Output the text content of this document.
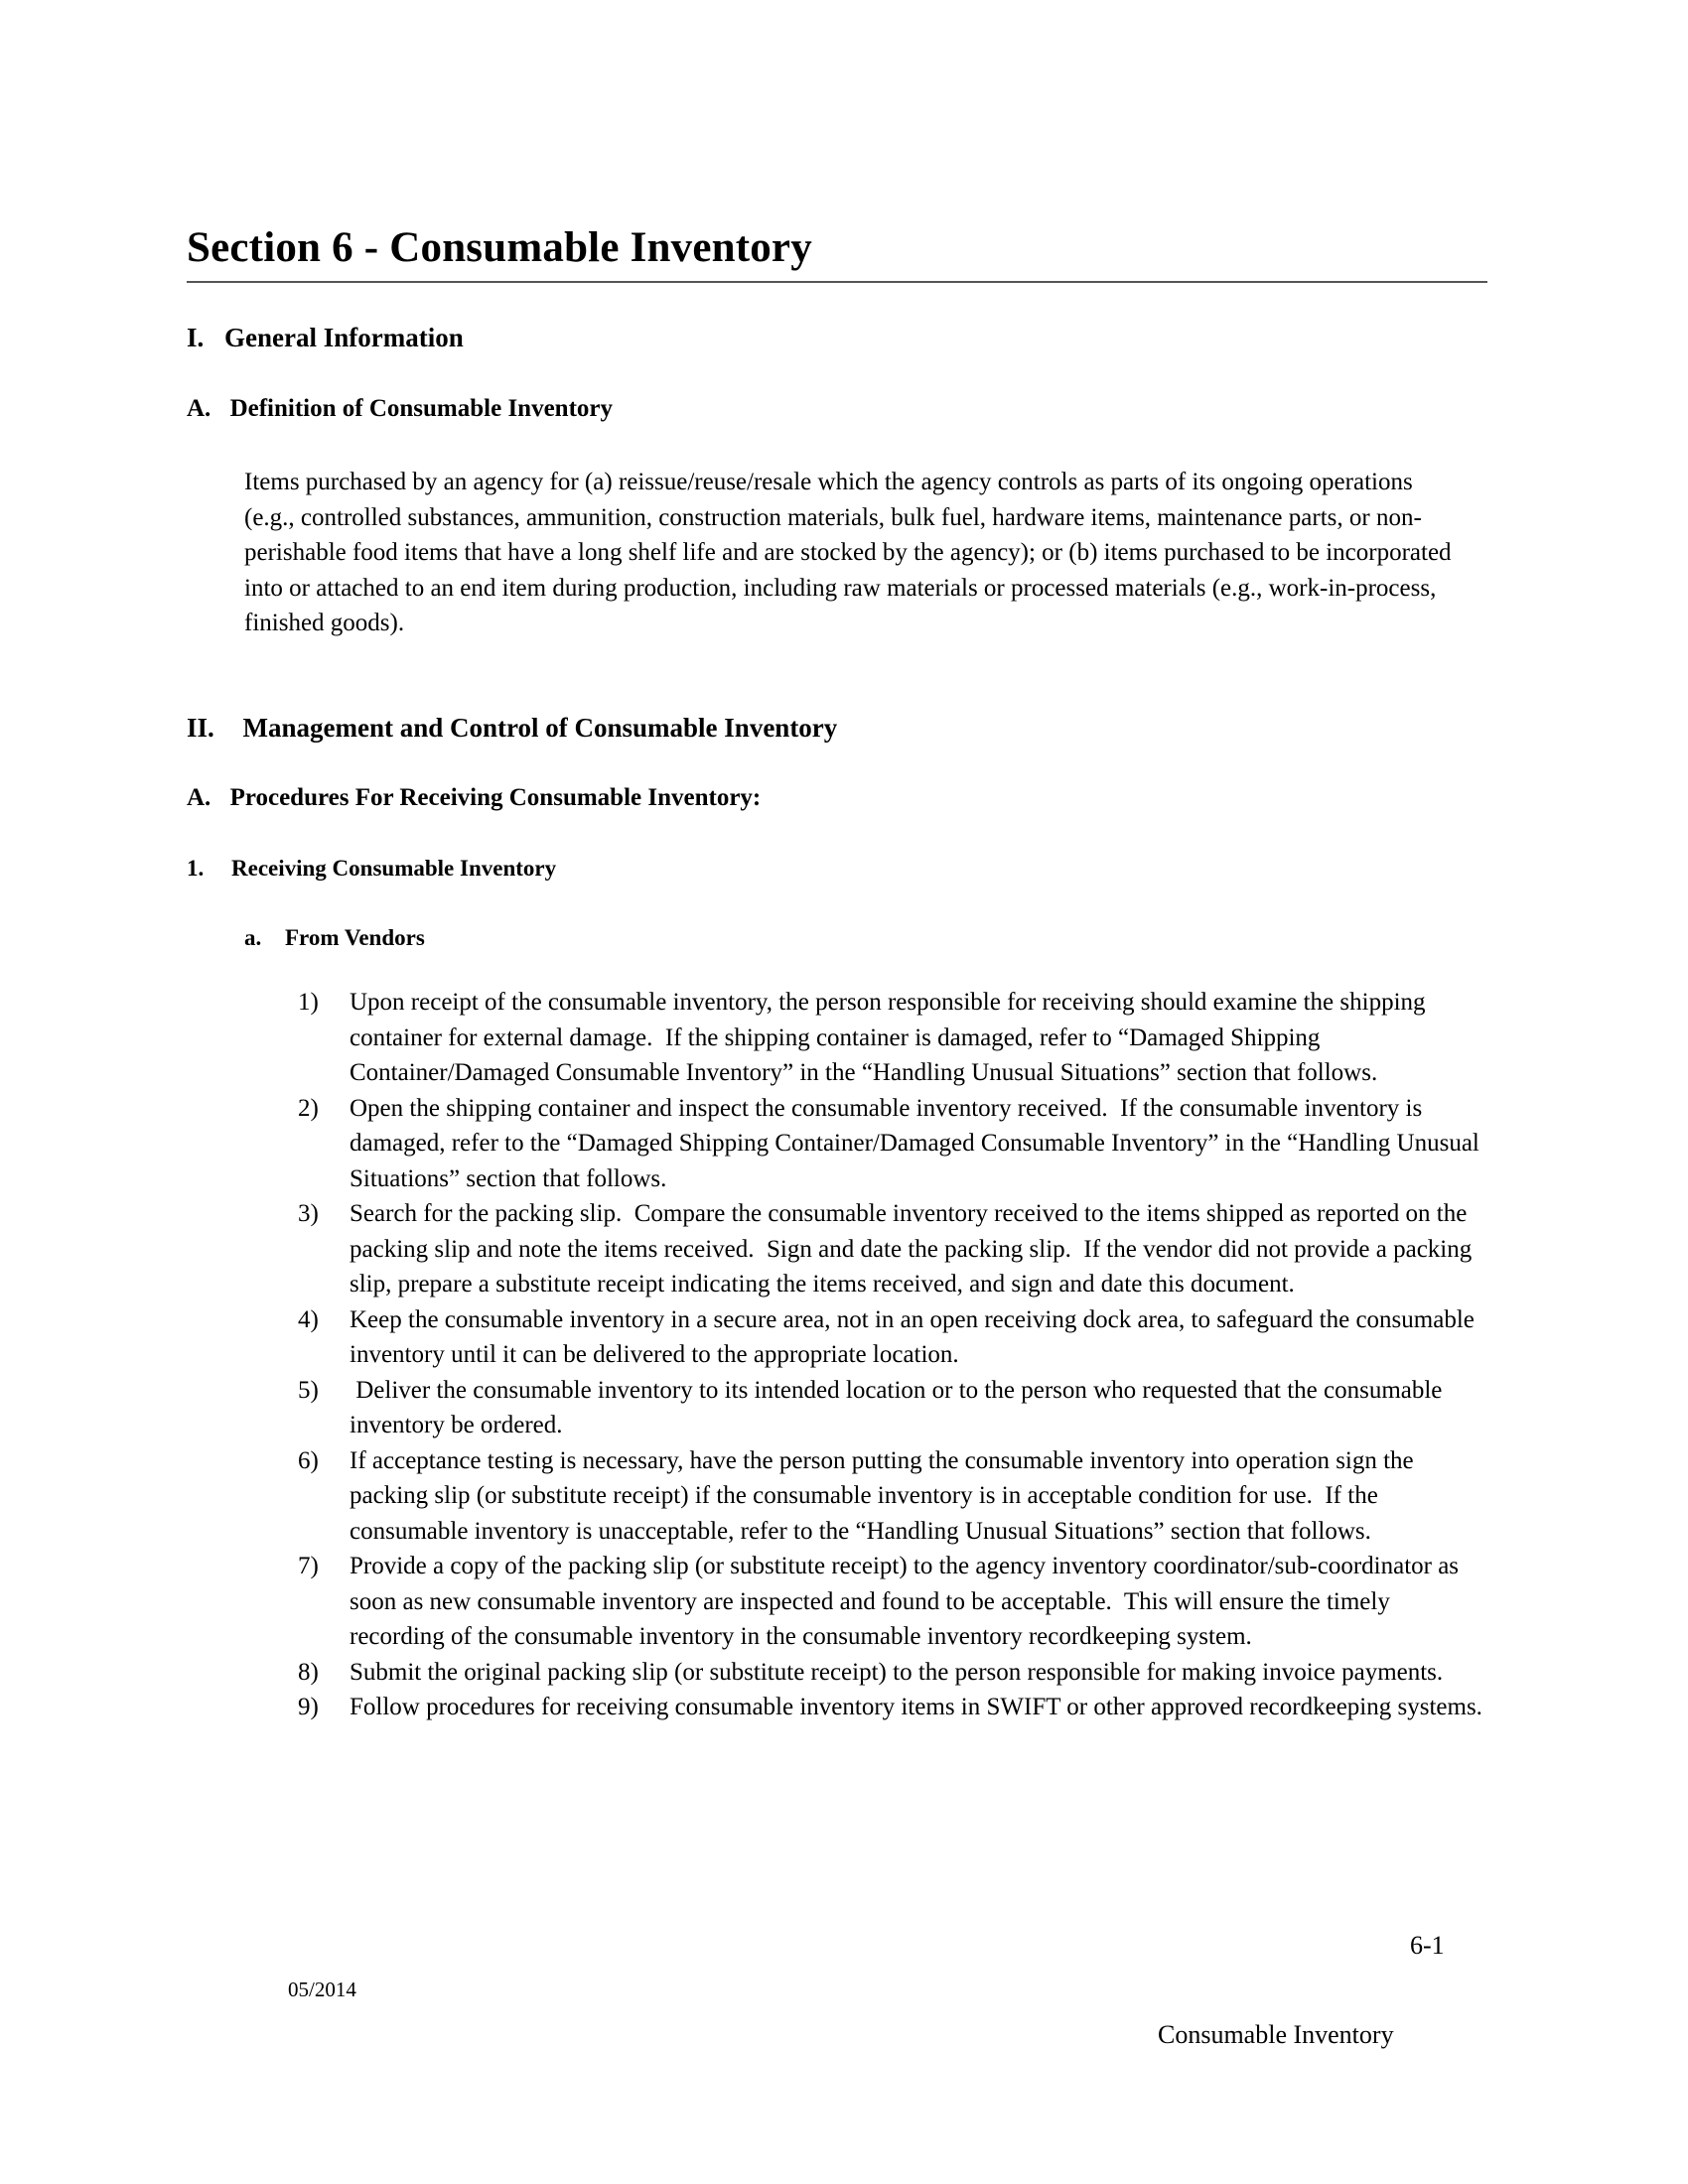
Section 6 - Consumable Inventory
I. General Information
A. Definition of Consumable Inventory
Items purchased by an agency for (a) reissue/reuse/resale which the agency controls as parts of its ongoing operations (e.g., controlled substances, ammunition, construction materials, bulk fuel, hardware items, maintenance parts, or non-perishable food items that have a long shelf life and are stocked by the agency); or (b) items purchased to be incorporated into or attached to an end item during production, including raw materials or processed materials (e.g., work-in-process, finished goods).
II. Management and Control of Consumable Inventory
A. Procedures For Receiving Consumable Inventory:
1. Receiving Consumable Inventory
a. From Vendors
1)	Upon receipt of the consumable inventory, the person responsible for receiving should examine the shipping container for external damage.  If the shipping container is damaged, refer to “Damaged Shipping Container/Damaged Consumable Inventory” in the “Handling Unusual Situations” section that follows.
2)	Open the shipping container and inspect the consumable inventory received.  If the consumable inventory is damaged, refer to the “Damaged Shipping Container/Damaged Consumable Inventory” in the “Handling Unusual Situations” section that follows.
3)	Search for the packing slip.  Compare the consumable inventory received to the items shipped as reported on the packing slip and note the items received.  Sign and date the packing slip.  If the vendor did not provide a packing slip, prepare a substitute receipt indicating the items received, and sign and date this document.
4)	Keep the consumable inventory in a secure area, not in an open receiving dock area, to safeguard the consumable inventory until it can be delivered to the appropriate location.
5)	Deliver the consumable inventory to its intended location or to the person who requested that the consumable inventory be ordered.
6)	If acceptance testing is necessary, have the person putting the consumable inventory into operation sign the packing slip (or substitute receipt) if the consumable inventory is in acceptable condition for use.  If the consumable inventory is unacceptable, refer to the “Handling Unusual Situations” section that follows.
7)	Provide a copy of the packing slip (or substitute receipt) to the agency inventory coordinator/sub-coordinator as soon as new consumable inventory are inspected and found to be acceptable.  This will ensure the timely recording of the consumable inventory in the consumable inventory recordkeeping system.
8)	Submit the original packing slip (or substitute receipt) to the person responsible for making invoice payments.
9)	Follow procedures for receiving consumable inventory items in SWIFT or other approved recordkeeping systems.
05/2014
6-1
Consumable Inventory
